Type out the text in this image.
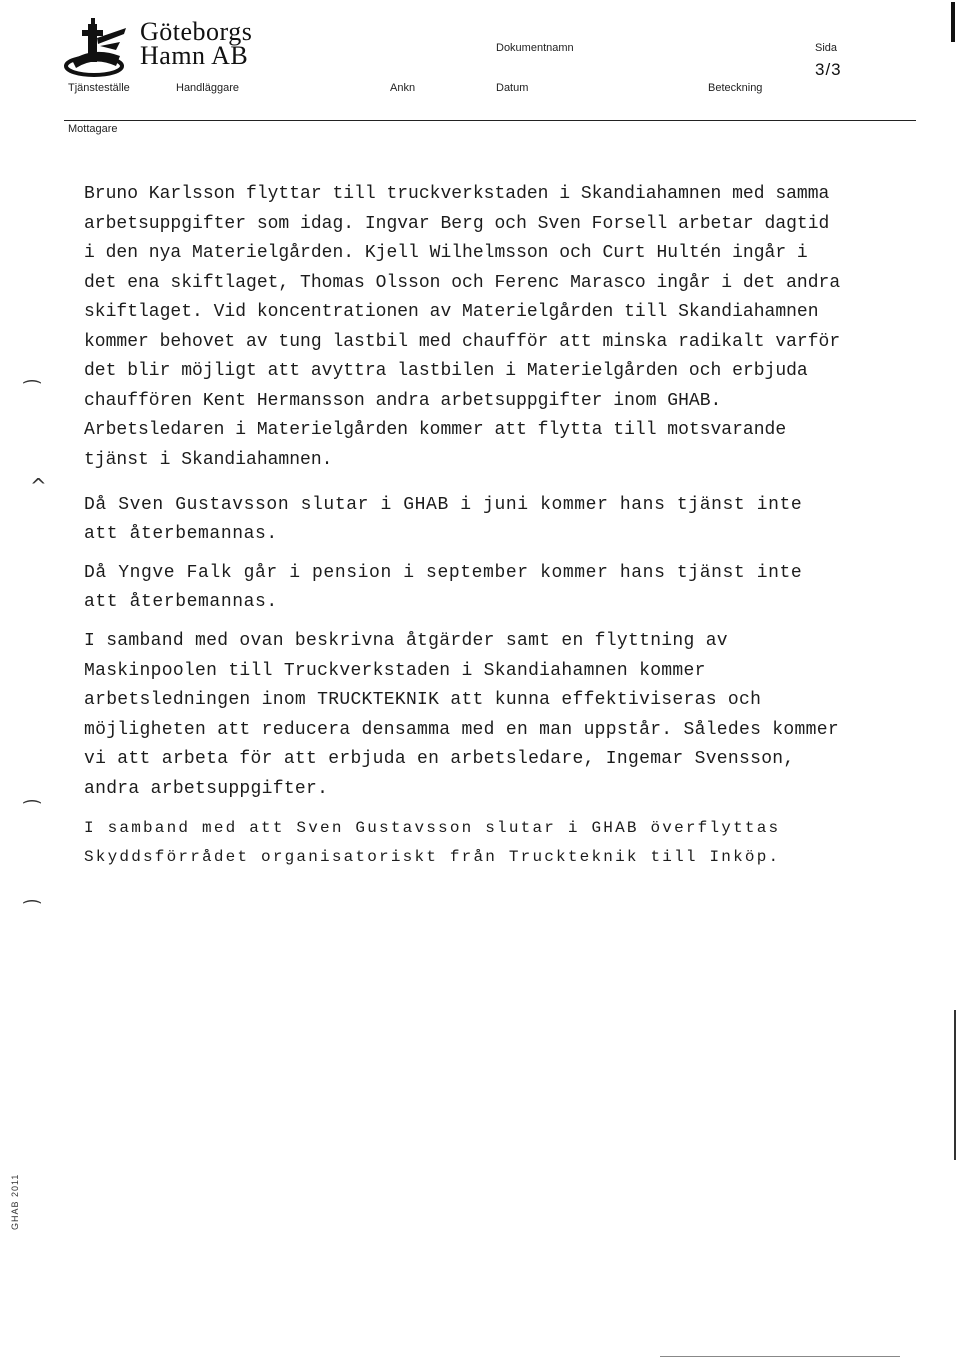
Göteborgs
Hamn AB	Dokumentnamn	Sida
3/3
Tjänsteställe	Handläggare	Ankn	Datum	Beteckning
Mottagare
⁀
^
⁀
⁀

Bruno Karlsson flyttar till truckverkstaden i Skandiahamnen med samma arbetsuppgifter som idag. Ingvar Berg och Sven Forsell arbetar dagtid i den nya Materielgården. Kjell Wilhelmsson och Curt Hultén ingår i det ena skiftlaget, Thomas Olsson och Ferenc Marasco ingår i det andra skiftlaget. Vid koncentrationen av Materielgården till Skandiahamnen kommer behovet av tung lastbil med chaufför att minska radikalt varför det blir möjligt att avyttra lastbilen i Materielgården och erbjuda chauffören Kent Hermansson andra arbetsuppgifter inom GHAB. Arbetsledaren i Materielgården kommer att flytta till motsvarande tjänst i Skandiahamnen.

Då Sven Gustavsson slutar i GHAB i juni kommer hans tjänst inte att återbemannas.

Då Yngve Falk går i pension i september kommer hans tjänst inte att återbemannas.

I samband med ovan beskrivna åtgärder samt en flyttning av Maskinpoolen till Truckverkstaden i Skandiahamnen kommer arbetsledningen inom TRUCKTEKNIK att kunna effektiviseras och möjligheten att reducera densamma med en man uppstår. Således kommer vi att arbeta för att erbjuda en arbetsledare, Ingemar Svensson, andra arbetsuppgifter.

I samband med att Sven Gustavsson slutar i GHAB överflyttas Skyddsförrådet organisatoriskt från Truckteknik till Inköp.

GHAB 2011
